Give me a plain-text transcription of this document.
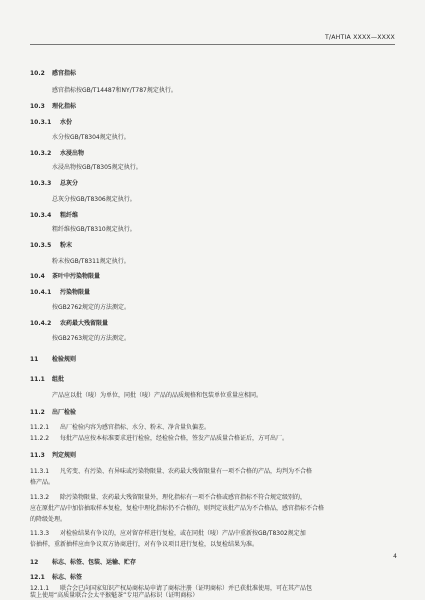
T/AHTIA XXXX—XXXX
10.2 感官指标
感官指标按GB/T14487和NY/T787规定执行。
10.3 理化指标
10.3.1 水份
水分按GB/T8304规定执行。
10.3.2 水浸出物
水浸出物按GB/T8305规定执行。
10.3.3 总灰分
总灰分按GB/T8306规定执行。
10.3.4 粗纤维
粗纤维按GB/T8310规定执行。
10.3.5 粉末
粉末按GB/T8311规定执行。
10.4 茶叶中污染物限量
10.4.1 污染物限量
按GB2762规定的方法测定。
10.4.2 农药最大残留限量
按GB2763规定的方法测定。
11 检验规则
11.1 组批
产品应以批（唛）为单位，同批（唛）产品的品质规格和包装单位重量应相同。
11.2 出厂检验
11.2.1 出厂检验内容为感官指标、水分、粉末、净含量负偏差。
11.2.2 每批产品应按本标准要求进行检验，经检验合格，签发产品质量合格证后，方可出厂。
11.3 判定规则
11.3.1 凡劣变、有污染、有异味或污染物限量、农药最大残留限量有一项不合格的产品，均判为不合格
格产品。
11.3.2 除污染物限量、农药最大残留限量外，理化指标有一项不合格或感官指标不符合规定级别的，
应在原批产品中加倍抽取样本复检，复检中理化指标仍不合格的，则判定该批产品为不合格品，感官指标不合格
的降级处理。
11.3.3 对检验结果有争议的，应对留存样进行复检，或在同批（唛）产品中重新按GB/T8302规定加
倍抽样，重新抽样应由争议双方协商进行，对有争议项目进行复检，以复检结果为准。
12 标志、标签、包装、运输、贮存
12.1 标志、标签
12.1.1 联合会已向国家知识产权局商标局申请了商标注册（证明商标）并已获批准使用，可在其产品包
装上使用“高质量联合会太平猴魁茶”专用产品标识（证明商标）
4
